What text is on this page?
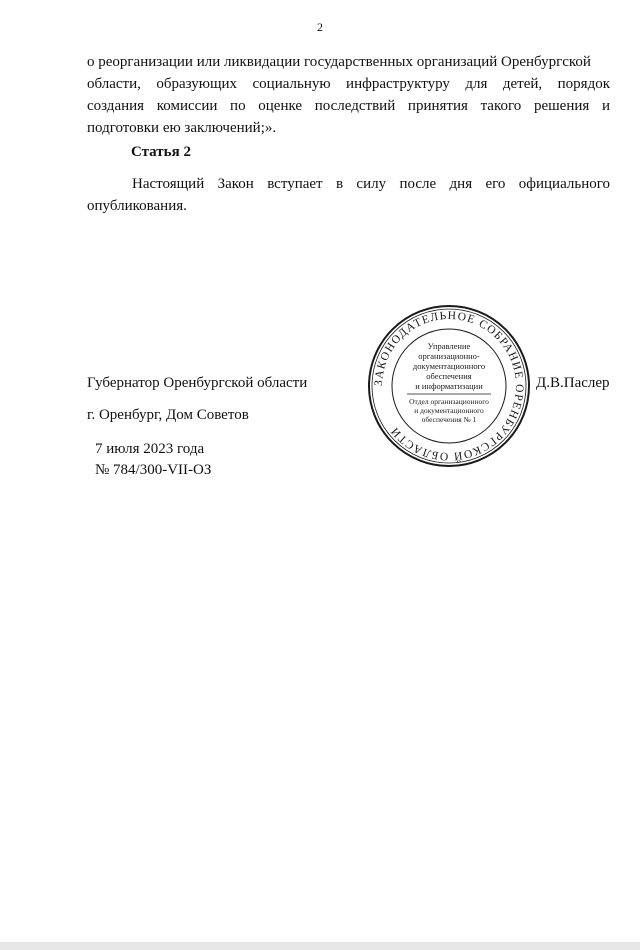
2
о реорганизации или ликвидации государственных организаций Оренбургской
области, образующих социальную инфраструктуру для детей, порядок
создания комиссии по оценке последствий принятия такого решения и
подготовки ею заключений;».
Статья 2
Настоящий Закон вступает в силу после дня его официального
опубликования.
Губернатор Оренбургской области	Д.В.Паслер
г. Оренбург, Дом Советов
7 июля 2023 года
№ 784/300-VII-ОЗ
ЗАКОНОДАТЕЛЬНОЕ СОБРАНИЕ ОРЕНБУРГСКОЙ ОБЛАСТИ
Управление
организационно-
документационного
обеспечения
и информатизации
Отдел организационного
и документационного
обеспечения № 1
